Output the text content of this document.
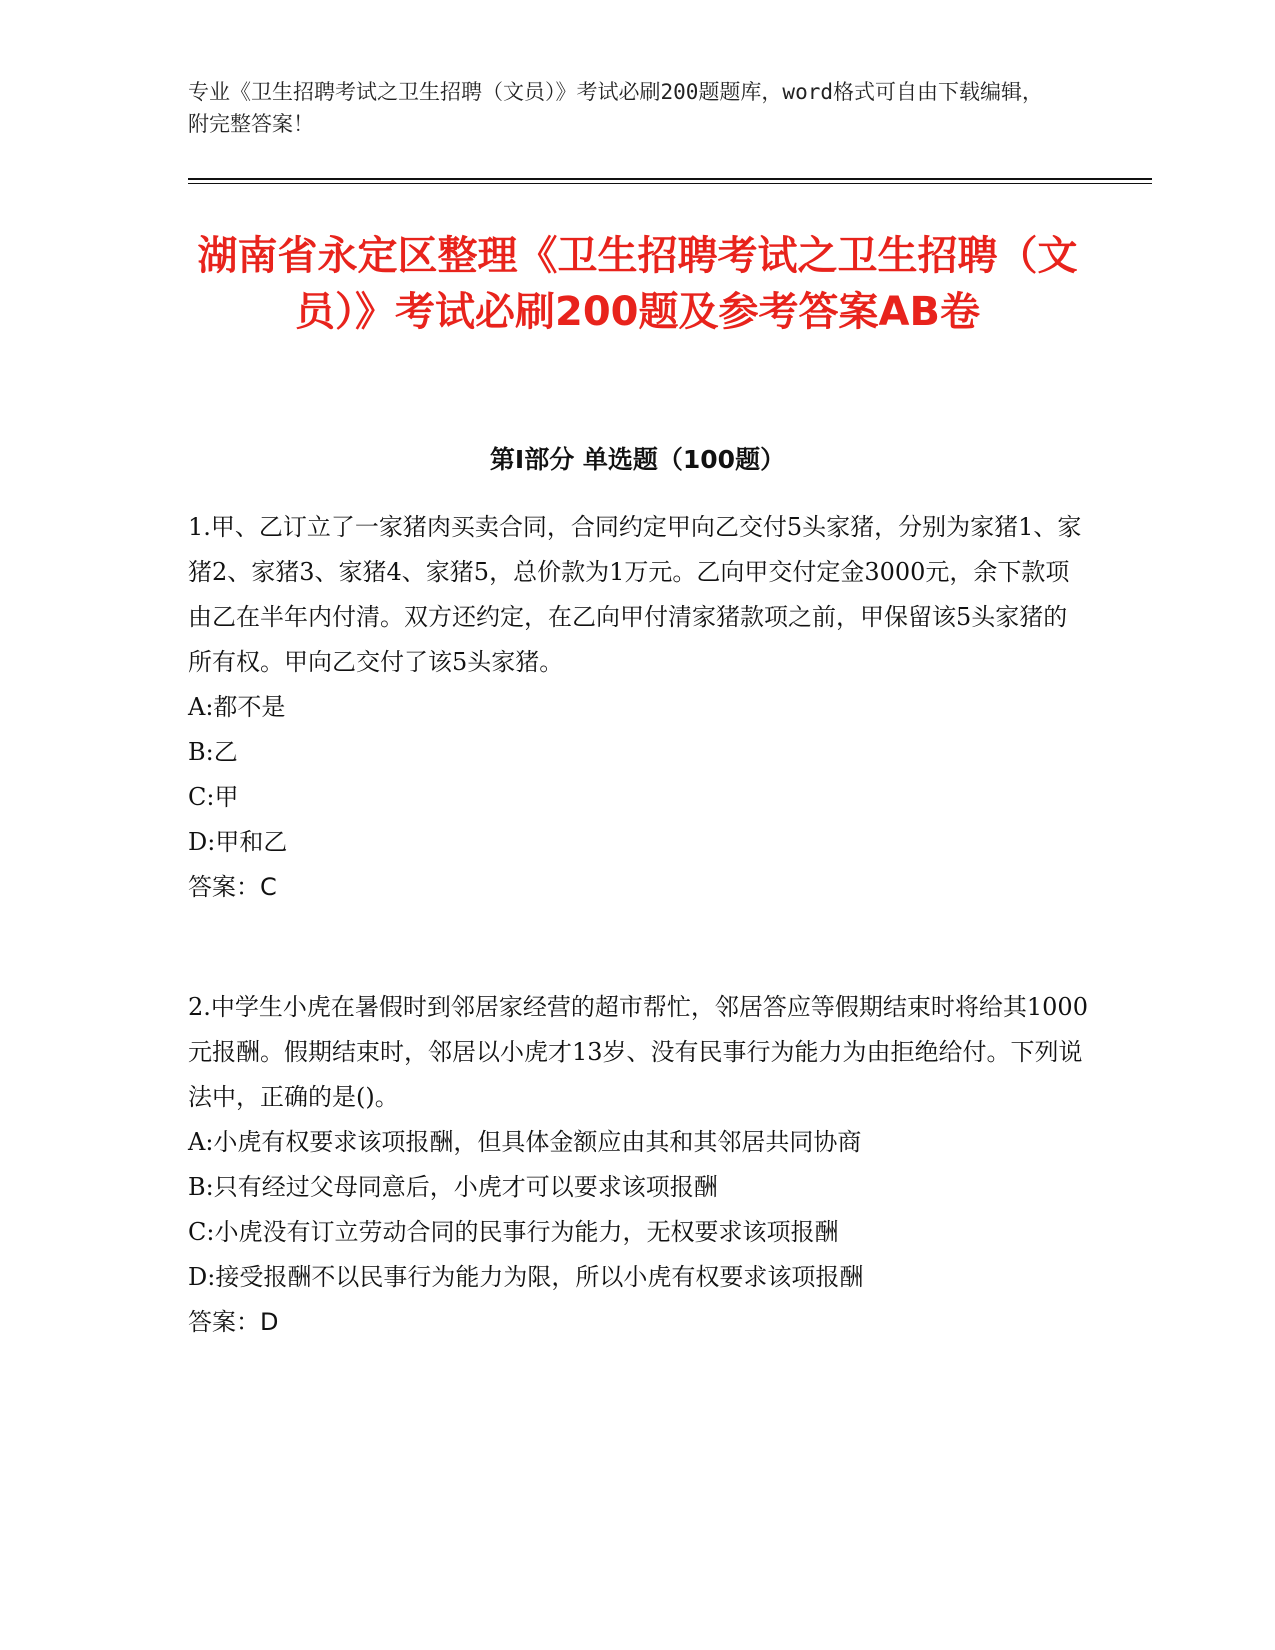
专业《卫生招聘考试之卫生招聘（文员）》考试必刷200题题库，word格式可自由下载编辑，附完整答案！
湖南省永定区整理《卫生招聘考试之卫生招聘（文员）》考试必刷200题及参考答案AB卷
第I部分 单选题（100题）

1.甲、乙订立了一家猪肉买卖合同，合同约定甲向乙交付5头家猪，分别为家猪1、家猪2、家猪3、家猪4、家猪5，总价款为1万元。乙向甲交付定金3000元，余下款项由乙在半年内付清。双方还约定，在乙向甲付清家猪款项之前，甲保留该5头家猪的所有权。甲向乙交付了该5头家猪。

A:都不是

B:乙

C:甲

D:甲和乙

答案：C

2.中学生小虎在暑假时到邻居家经营的超市帮忙，邻居答应等假期结束时将给其1000元报酬。假期结束时，邻居以小虎才13岁、没有民事行为能力为由拒绝给付。下列说法中，正确的是()。

A:小虎有权要求该项报酬，但具体金额应由其和其邻居共同协商

B:只有经过父母同意后，小虎才可以要求该项报酬

C:小虎没有订立劳动合同的民事行为能力，无权要求该项报酬

D:接受报酬不以民事行为能力为限，所以小虎有权要求该项报酬

答案：D
